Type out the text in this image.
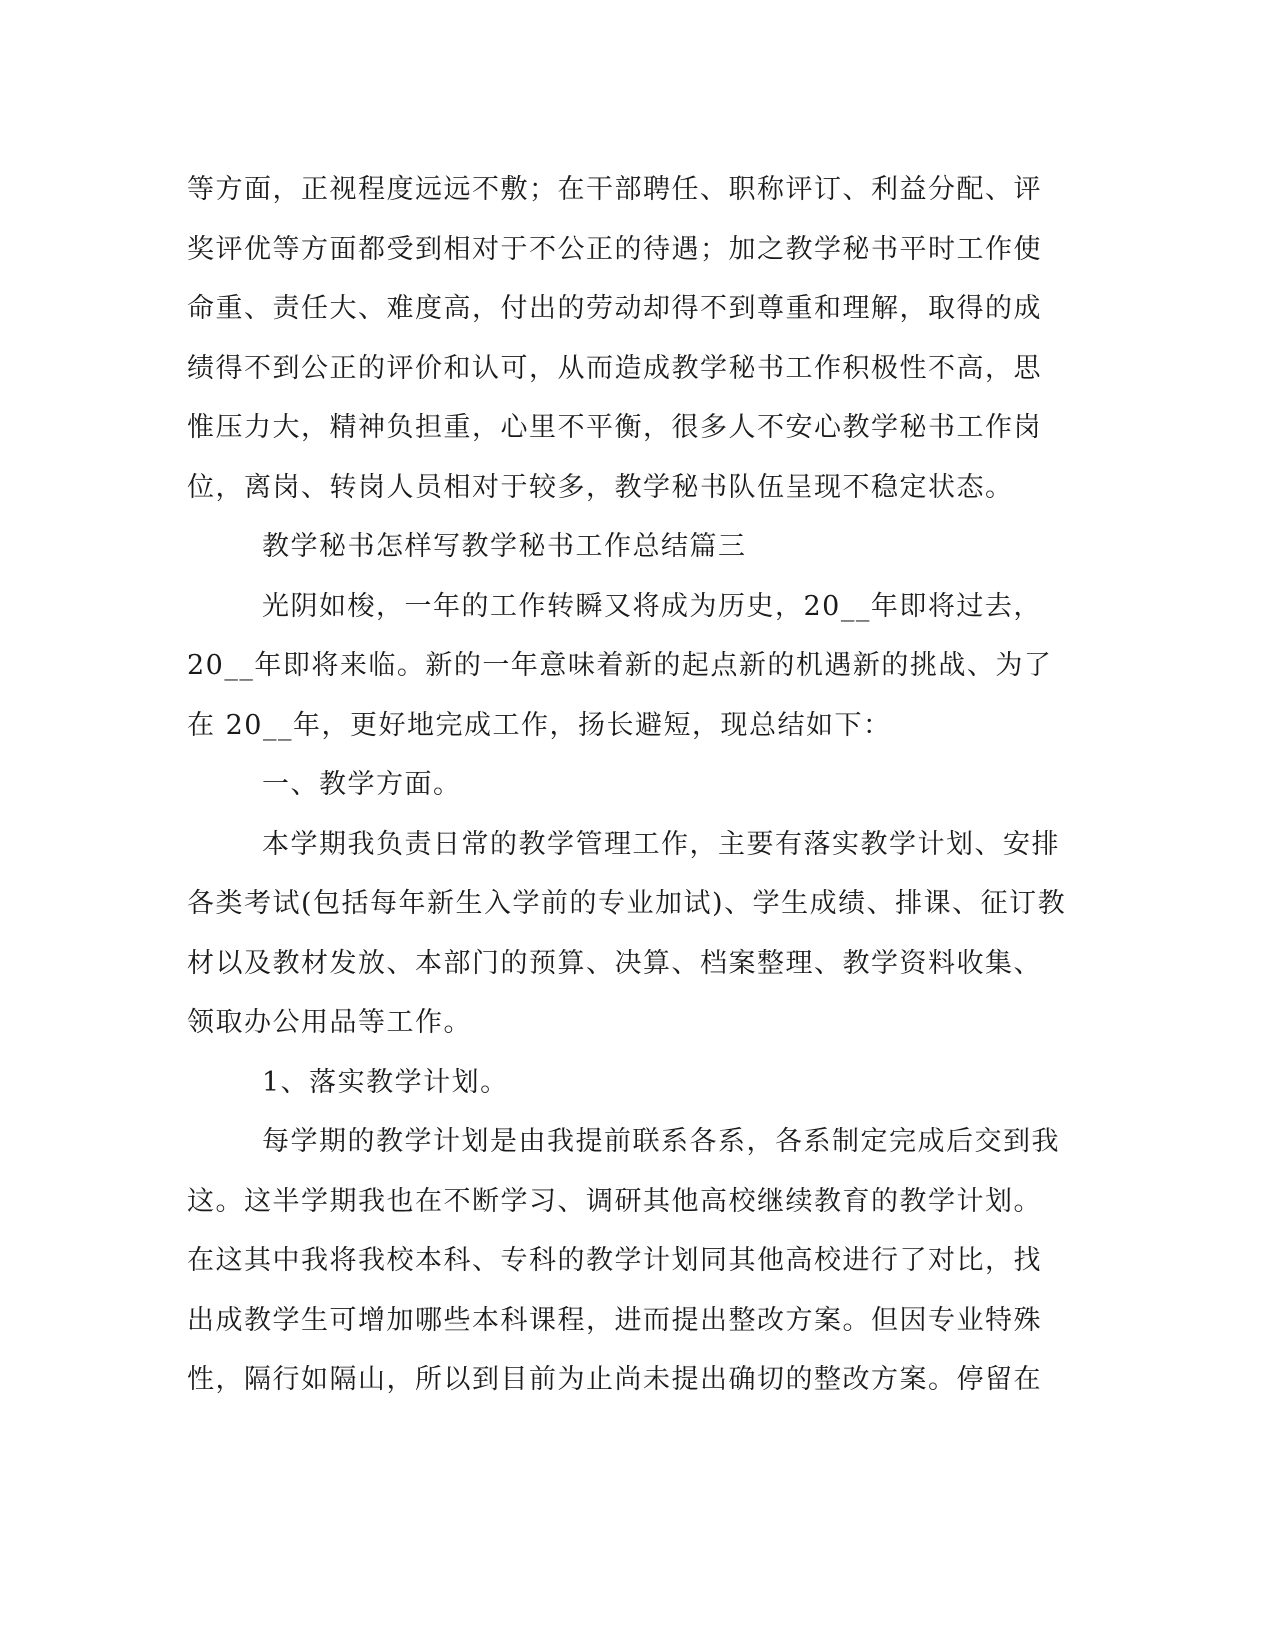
等方面，正视程度远远不敷；在干部聘任、职称评订、利益分配、评
奖评优等方面都受到相对于不公正的待遇；加之教学秘书平时工作使
命重、责任大、难度高，付出的劳动却得不到尊重和理解，取得的成
绩得不到公正的评价和认可，从而造成教学秘书工作积极性不高，思
惟压力大，精神负担重，心里不平衡，很多人不安心教学秘书工作岗
位，离岗、转岗人员相对于较多，教学秘书队伍呈现不稳定状态。
教学秘书怎样写教学秘书工作总结篇三
光阴如梭，一年的工作转瞬又将成为历史，20__年即将过去，
20__年即将来临。新的一年意味着新的起点新的机遇新的挑战、为了
在 20__年，更好地完成工作，扬长避短，现总结如下：
一、教学方面。
本学期我负责日常的教学管理工作，主要有落实教学计划、安排
各类考试(包括每年新生入学前的专业加试)、学生成绩、排课、征订教
材以及教材发放、本部门的预算、决算、档案整理、教学资料收集、
领取办公用品等工作。
1、落实教学计划。
每学期的教学计划是由我提前联系各系，各系制定完成后交到我
这。这半学期我也在不断学习、调研其他高校继续教育的教学计划。
在这其中我将我校本科、专科的教学计划同其他高校进行了对比，找
出成教学生可增加哪些本科课程，进而提出整改方案。但因专业特殊
性，隔行如隔山，所以到目前为止尚未提出确切的整改方案。停留在
